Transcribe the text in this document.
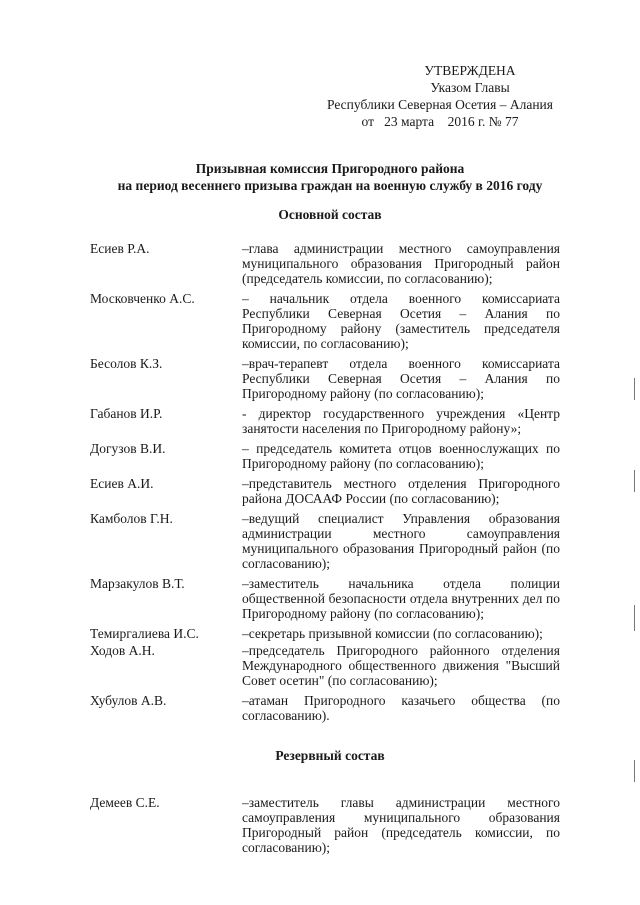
УТВЕРЖДЕНА
Указом Главы
Республики Северная Осетия – Алания
от   23 марта    2016 г. № 77
Призывная комиссия Пригородного района
на период весеннего призыва граждан на военную службу в 2016 году
Основной состав
Есиев Р.А.	–глава администрации местного самоуправления муниципального образования Пригородный район (председатель комиссии, по согласованию);
Московченко А.С.	– начальник отдела военного комиссариата Республики Северная Осетия – Алания по Пригородному району (заместитель председателя комиссии, по согласованию);
Бесолов К.З.	–врач-терапевт отдела военного комиссариата Республики Северная Осетия – Алания по Пригородному району (по согласованию);
Габанов И.Р.	- директор государственного учреждения «Центр занятости населения по Пригородному району»;
Догузов В.И.	– председатель комитета отцов военнослужащих по Пригородному району (по согласованию);
Есиев А.И.	–представитель местного отделения Пригородного района ДОСААФ России (по согласованию);
Камболов Г.Н.	–ведущий специалист Управления образования администрации местного самоуправления муниципального образования Пригородный район (по согласованию);
Марзакулов В.Т.	–заместитель начальника отдела полиции общественной безопасности отдела внутренних дел по Пригородному району (по согласованию);
Темиргалиева И.С.	–секретарь призывной комиссии (по согласованию);
Ходов А.Н.	–председатель Пригородного районного отделения Международного общественного движения "Высший Совет осетин" (по согласованию);
Хубулов А.В.	–атаман Пригородного казачьего общества (по согласованию).
Резервный состав
Демеев С.Е.	–заместитель главы администрации местного самоуправления муниципального образования Пригородный район (председатель комиссии, по согласованию);
